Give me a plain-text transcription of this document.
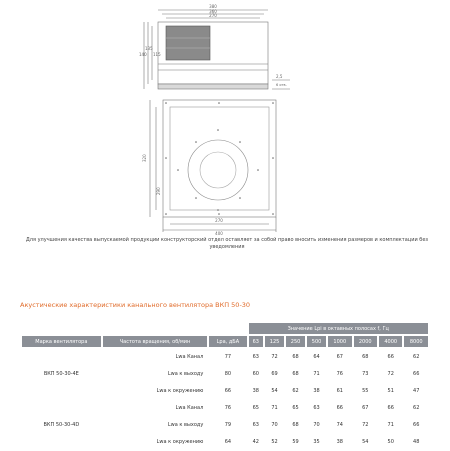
380
360
270
140
135
115
2,5
6 отв.
320
290
270
400
Для улучшения качества выпускаемой продукции конструкторский отдел оставляет за собой право вносить изменения размеров и комплектации без уведомления
Акустические характеристики канального вентилятора ВКП 50-30
			Значение Lpі в октавных полосах f, Гц							
Марка вентилятора	Частота вращения, об/мин	Lpa, дБА	63	125	250	500	1000	2000	4000	8000
ВКП 50-30-4Е	Lwa Канал	77	63	72	68	64	67	68	66	62
	Lwa к выходу	80	60	69	68	71	76	73	72	66
	Lwa к окружению	66	38	54	62	38	61	55	51	47
ВКП 50-30-4D	Lwa Канал	76	65	71	65	63	66	67	66	62
	Lwa к выходу	79	63	70	68	70	74	72	71	66
	Lwa к окружению	64	42	52	59	35	38	54	50	48
